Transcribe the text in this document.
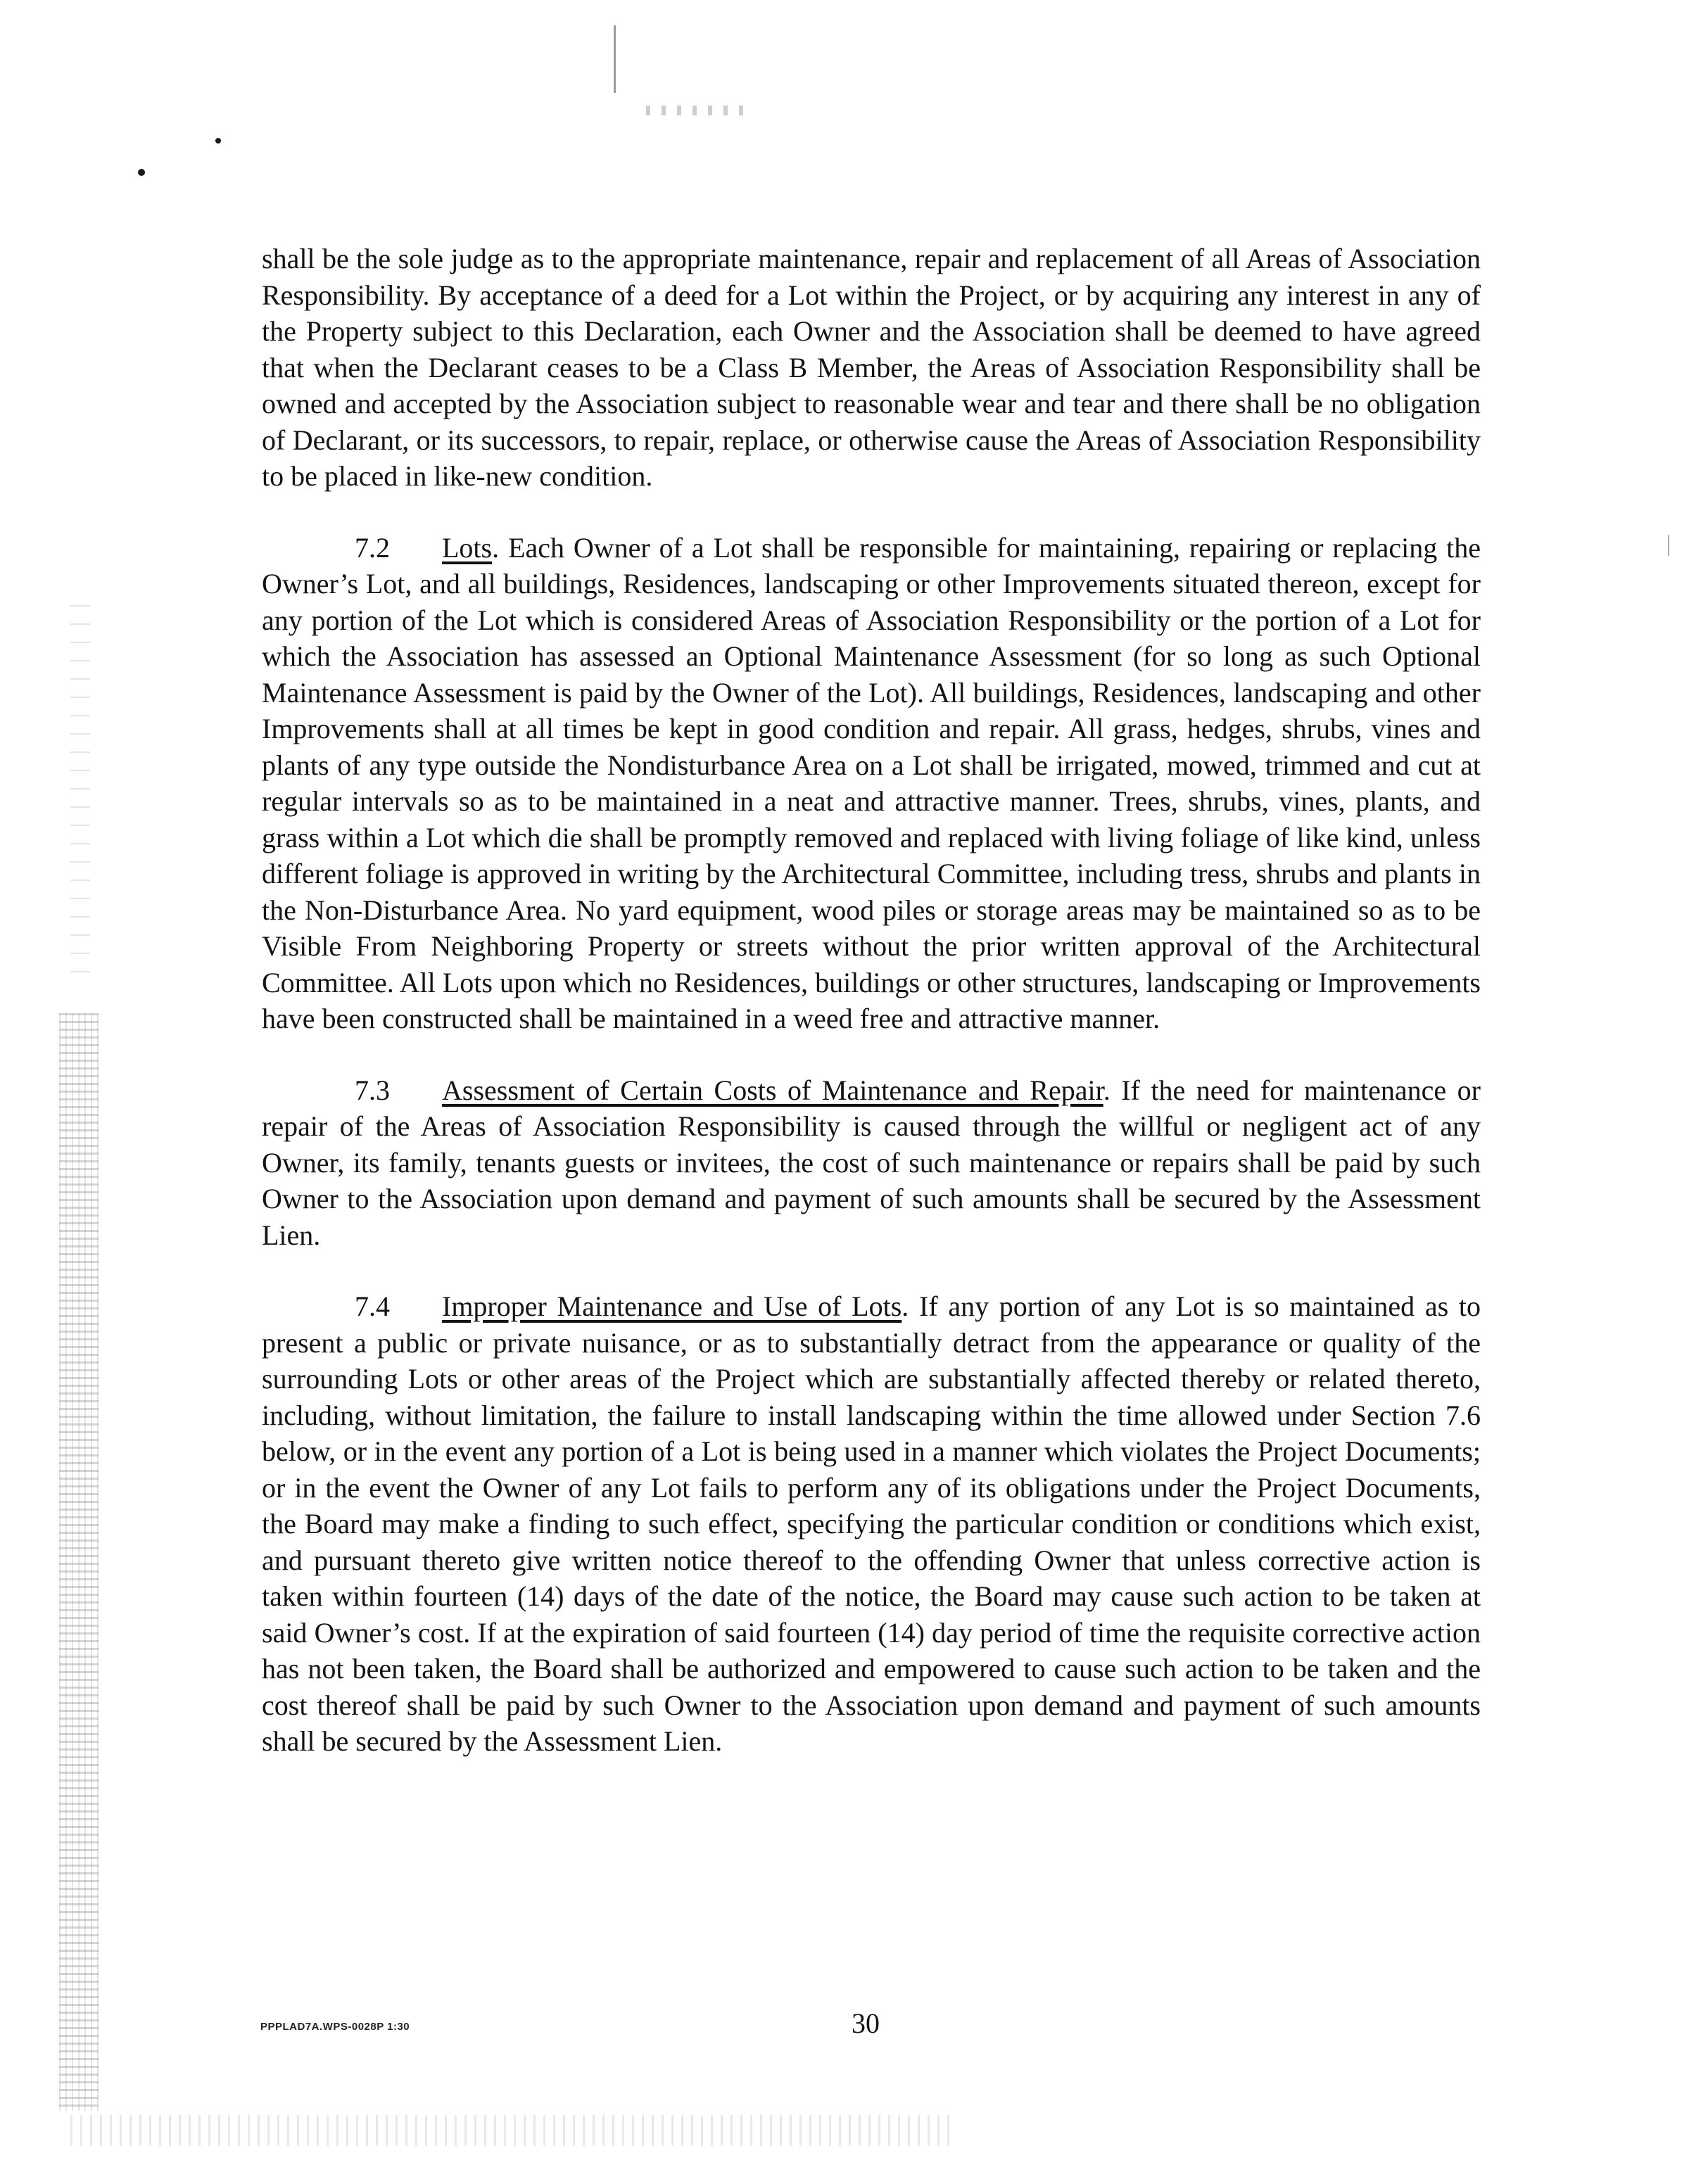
shall be the sole judge as to the appropriate maintenance, repair and replacement of all Areas of Association Responsibility. By acceptance of a deed for a Lot within the Project, or by acquiring any interest in any of the Property subject to this Declaration, each Owner and the Association shall be deemed to have agreed that when the Declarant ceases to be a Class B Member, the Areas of Association Responsibility shall be owned and accepted by the Association subject to reasonable wear and tear and there shall be no obligation of Declarant, or its successors, to repair, replace, or otherwise cause the Areas of Association Responsibility to be placed in like-new condition.

7.2 Lots. Each Owner of a Lot shall be responsible for maintaining, repairing or replacing the Owner’s Lot, and all buildings, Residences, landscaping or other Improvements situated thereon, except for any portion of the Lot which is considered Areas of Association Responsibility or the portion of a Lot for which the Association has assessed an Optional Maintenance Assessment (for so long as such Optional Maintenance Assessment is paid by the Owner of the Lot). All buildings, Residences, landscaping and other Improvements shall at all times be kept in good condition and repair. All grass, hedges, shrubs, vines and plants of any type outside the Nondisturbance Area on a Lot shall be irrigated, mowed, trimmed and cut at regular intervals so as to be maintained in a neat and attractive manner. Trees, shrubs, vines, plants, and grass within a Lot which die shall be promptly removed and replaced with living foliage of like kind, unless different foliage is approved in writing by the Architectural Committee, including tress, shrubs and plants in the Non-Disturbance Area. No yard equipment, wood piles or storage areas may be maintained so as to be Visible From Neighboring Property or streets without the prior written approval of the Architectural Committee. All Lots upon which no Residences, buildings or other structures, landscaping or Improvements have been constructed shall be maintained in a weed free and attractive manner.

7.3 Assessment of Certain Costs of Maintenance and Repair. If the need for maintenance or repair of the Areas of Association Responsibility is caused through the willful or negligent act of any Owner, its family, tenants guests or invitees, the cost of such maintenance or repairs shall be paid by such Owner to the Association upon demand and payment of such amounts shall be secured by the Assessment Lien.

7.4 Improper Maintenance and Use of Lots. If any portion of any Lot is so maintained as to present a public or private nuisance, or as to substantially detract from the appearance or quality of the surrounding Lots or other areas of the Project which are substantially affected thereby or related thereto, including, without limitation, the failure to install landscaping within the time allowed under Section 7.6 below, or in the event any portion of a Lot is being used in a manner which violates the Project Documents; or in the event the Owner of any Lot fails to perform any of its obligations under the Project Documents, the Board may make a finding to such effect, specifying the particular condition or conditions which exist, and pursuant thereto give written notice thereof to the offending Owner that unless corrective action is taken within fourteen (14) days of the date of the notice, the Board may cause such action to be taken at said Owner’s cost. If at the expiration of said fourteen (14) day period of time the requisite corrective action has not been taken, the Board shall be authorized and empowered to cause such action to be taken and the cost thereof shall be paid by such Owner to the Association upon demand and payment of such amounts shall be secured by the Assessment Lien.

PPPLAD7A.WPS-0028P 1:30	30
